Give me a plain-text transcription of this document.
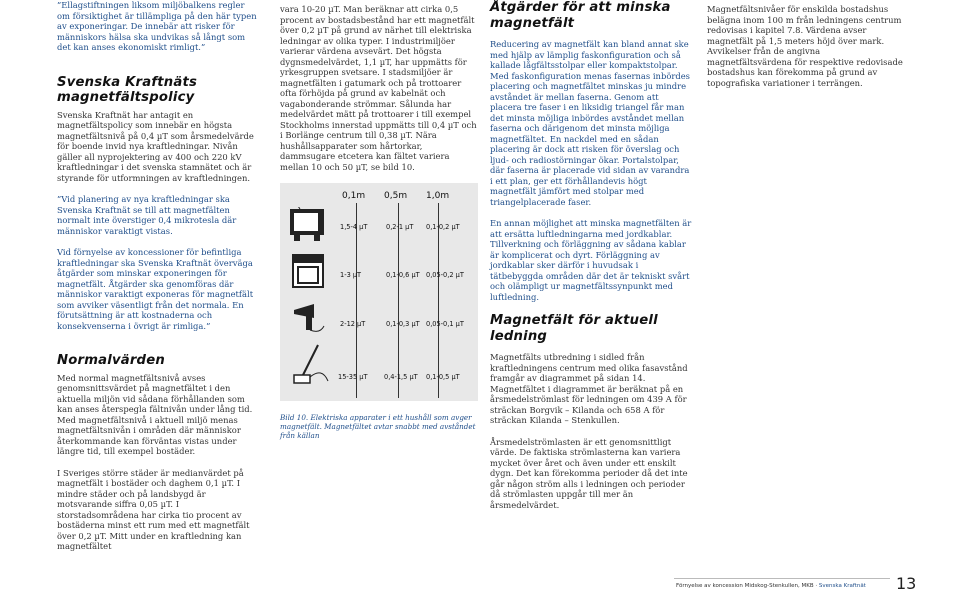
”Ellagstiftningen liksom miljöbalkens regler om försiktighet är tillämpliga på den här typen av exponeringar. De innebär att risker för människors hälsa ska undvikas så långt som det kan anses ekonomiskt rimligt.”

Svenska Kraftnäts magnetfältspolicy

Svenska Kraftnät har antagit en magnetfältspolicy som innebär en högsta magnetfältsnivå på 0,4 µT som årsmedelvärde för boende invid nya kraftledningar. Nivån gäller all nyprojektering av 400 och 220 kV kraftledningar i det svenska stamnätet och är styrande för utformningen av kraftledningen.

”Vid planering av nya kraftledningar ska Svenska Kraftnät se till att magnetfälten normalt inte överstiger 0,4 mikrotesla där människor varaktigt vistas.

Vid förnyelse av koncessioner för befintliga kraftledningar ska Svenska Kraftnät överväga åtgärder som minskar exponeringen för magnetfält. Åtgärder ska genomföras där människor varaktigt exponeras för magnetfält som avviker väsentligt från det normala. En förutsättning är att kostnaderna och konsekvenserna i övrigt är rimliga.”

Normalvärden

Med normal magnetfältsnivå avses genomsnittsvärdet på magnetfältet i den aktuella miljön vid sådana förhållanden som kan anses återspegla fältnivån under lång tid. Med magnetfältsnivå i aktuell miljö menas magnetfältsnivån i områden där människor återkommande kan förväntas vistas under längre tid, till exempel bostäder.

I Sveriges större städer är medianvärdet på magnetfält i bostäder och daghem 0,1 µT. I mindre städer och på landsbygd är motsvarande siffra 0,05 µT. I storstadsområdena har cirka tio procent av bostäderna minst ett rum med ett magnetfält över 0,2 µT. Mitt under en kraftledning kan magnetfältet

vara 10-20 µT. Man beräknar att cirka 0,5 procent av bostadsbestånd har ett magnetfält över 0,2 µT på grund av närhet till elektriska ledningar av olika typer. I industrimiljöer varierar värdena avsevärt. Det högsta dygnsmedelvärdet, 1,1 µT, har uppmätts för yrkesgruppen svetsare. I stadsmiljöer är magnetfälten i gatumark och på trottoarer ofta förhöjda på grund av kabelnät och vagabonderande strömmar. Sålunda har medelvärdet mätt på trottoarer i till exempel Stockholms innerstad uppmätts till 0,4 µT och i Borlänge centrum till 0,38 µT. Nära hushållsapparater som hårtorkar, dammsugare etcetera kan fältet variera mellan 10 och 50 µT, se bild 10.

0,1m 0,5m 1,0m
1,5-4 µT	0,2-1 µT 0,1-0,2 µT
1-3 µT	0,1-0,6 µT 0,05-0,2 µT
2-12 µT	0,1-0,3 µT 0,05-0,1 µT
15-35 µT	0,4-1,5 µT 0,1-0,5 µT
Bild 10. Elektriska apparater i ett hushåll som avger magnetfält. Magnetfältet avtar snabbt med avståndet från källan
Åtgärder för att minska magnetfält

Reducering av magnetfält kan bland annat ske med hjälp av lämplig faskonfiguration och så kallade lågfältsstolpar eller kompaktstolpar. Med faskonfiguration menas fasernas inbördes placering och magnetfältet minskas ju mindre avståndet är mellan faserna. Genom att placera tre faser i en liksidig triangel får man det minsta möjliga inbördes avståndet mellan faserna och därigenom det minsta möjliga magnetfältet. En nackdel med en sådan placering är dock att risken för överslag och ljud- och radiostörningar ökar. Portalstolpar, där faserna är placerade vid sidan av varandra i ett plan, ger ett förhållandevis högt magnetfält jämfört med stolpar med triangelplacerade faser.

En annan möjlighet att minska magnetfälten är att ersätta luftledningarna med jordkablar. Tillverkning och förläggning av sådana kablar är komplicerat och dyrt. Förläggning av jordkablar sker därför i huvudsak i tätbebyggda områden där det är tekniskt svårt och olämpligt ur magnetfältssynpunkt med luftledning.

Magnetfält för aktuell ledning

Magnetfälts utbredning i sidled från kraftledningens centrum med olika fasavstånd framgår av diagrammet på sidan 14. Magnetfältet i diagrammet är beräknat på en årsmedelströmlast för ledningen om 439 A för sträckan Borgvik – Kilanda och 658 A för sträckan Kilanda – Stenkullen.

Årsmedelströmlasten är ett genomsnittligt värde. De faktiska strömlasterna kan variera mycket över året och även under ett enskilt dygn. Det kan förekomma perioder då det inte går någon ström alls i ledningen och perioder då strömlasten uppgår till mer än årsmedelvärdet.

Magnetfältsnivåer för enskilda bostadshus belägna inom 100 m från ledningens centrum redovisas i kapitel 7.8. Värdena avser magnetfält på 1,5 meters höjd över mark. Avvikelser från de angivna magnetfältsvärdena för respektive redovisade bostadshus kan förekomma på grund av topografiska variationer i terrängen.

Förnyelse av koncession Midskog-Stenkullen, MKB · Svenska Kraftnät 13
